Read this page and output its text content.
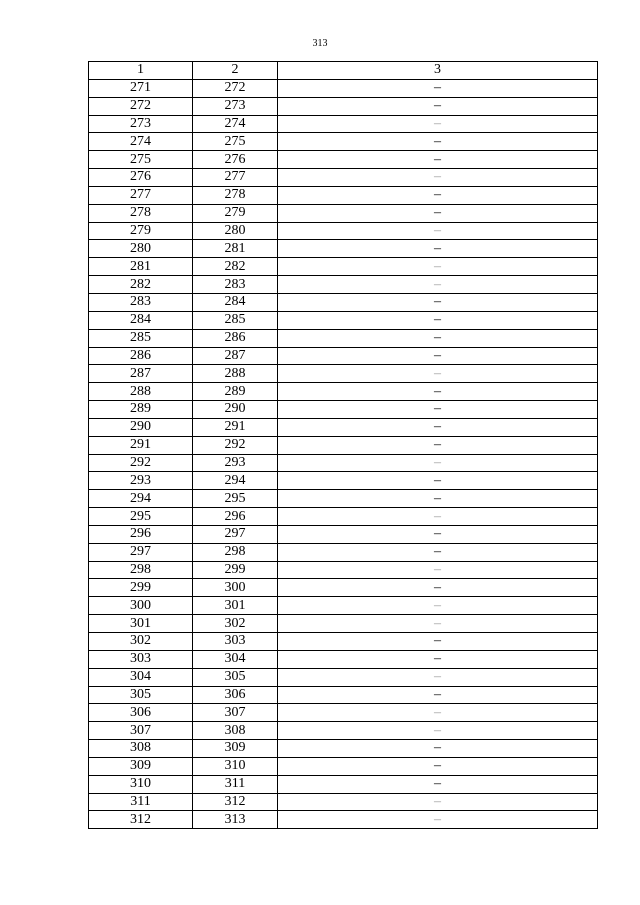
313
1	2	3
271	272	–
272	273	–
273	274	–
274	275	–
275	276	–
276	277	–
277	278	–
278	279	–
279	280	–
280	281	–
281	282	–
282	283	–
283	284	–
284	285	–
285	286	–
286	287	–
287	288	–
288	289	–
289	290	–
290	291	–
291	292	–
292	293	–
293	294	–
294	295	–
295	296	–
296	297	–
297	298	–
298	299	–
299	300	–
300	301	–
301	302	–
302	303	–
303	304	–
304	305	–
305	306	–
306	307	–
307	308	–
308	309	–
309	310	–
310	311	–
311	312	–
312	313	–
